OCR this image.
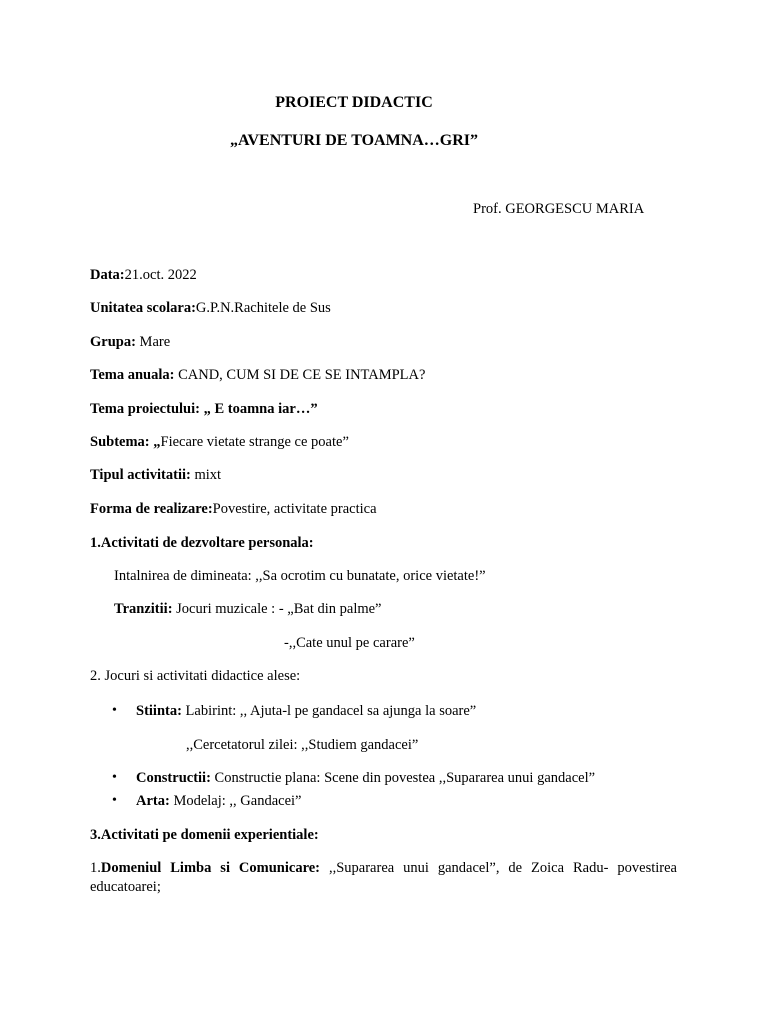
PROIECT DIDACTIC
„AVENTURI DE TOAMNA…GRI”
Prof. GEORGESCU MARIA
Data:21.oct. 2022
Unitatea scolara:G.P.N.Rachitele de Sus
Grupa: Mare
Tema anuala: CAND, CUM SI DE CE SE INTAMPLA?
Tema proiectului: „ E toamna iar…”
Subtema: „Fiecare vietate strange ce poate”
Tipul activitatii: mixt
Forma de realizare:Povestire, activitate practica
1.Activitati de dezvoltare personala:
Intalnirea de dimineata: ,,Sa ocrotim cu bunatate, orice vietate!”
Tranzitii: Jocuri muzicale : - „Bat din palme”
-,,Cate unul pe carare”
2. Jocuri si activitati didactice alese:
• Stiinta: Labirint: ,, Ajuta-l pe gandacel sa ajunga la soare”
,,Cercetatorul zilei: ,,Studiem gandacei”
• Constructii: Constructie plana: Scene din povestea ,,Supararea unui gandacel”
• Arta: Modelaj: ,, Gandacei”
3.Activitati pe domenii experientiale:
1.Domeniul Limba si Comunicare: ,,Supararea unui gandacel”, de Zoica Radu- povestirea educatoarei;
